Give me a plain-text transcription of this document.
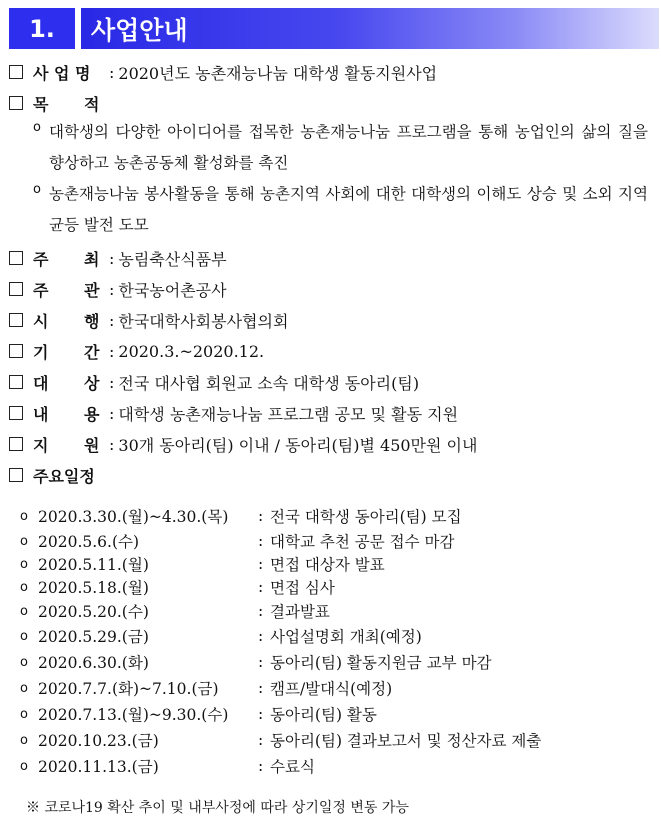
1.	사업안내
사 업 명	: 2020년도 농촌재능나눔 대학생 활동지원사업
목 적
o 대학생의 다양한 아이디어를 접목한 농촌재능나눔 프로그램을 통해 농업인의 삶의 질을 향상하고 농촌공동체 활성화를 촉진
o 농촌재능나눔 봉사활동을 통해 농촌지역 사회에 대한 대학생의 이해도 상승 및 소외 지역 균등 발전 도모
주 최 : 농림축산식품부
주 관 : 한국농어촌공사
시 행 : 한국대학사회봉사협의회
기 간 : 2020.3.~2020.12.
대 상 : 전국 대사협 회원교 소속 대학생 동아리(팀)
내 용 : 대학생 농촌재능나눔 프로그램 공모 및 활동 지원
지 원 : 30개 동아리(팀) 이내 / 동아리(팀)별 450만원 이내
주요일정
o 2020.3.30.(월)~4.30.(목)	: 전국 대학생 동아리(팀) 모집
o 2020.5.6.(수)	: 대학교 추천 공문 접수 마감
o 2020.5.11.(월)	: 면접 대상자 발표
o 2020.5.18.(월)	: 면접 심사
o 2020.5.20.(수)	: 결과발표
o 2020.5.29.(금)	: 사업설명회 개최(예정)
o 2020.6.30.(화)	: 동아리(팀) 활동지원금 교부 마감
o 2020.7.7.(화)~7.10.(금)	: 캠프/발대식(예정)
o 2020.7.13.(월)~9.30.(수)	: 동아리(팀) 활동
o 2020.10.23.(금)	: 동아리(팀) 결과보고서 및 정산자료 제출
o 2020.11.13.(금)	: 수료식
※ 코로나19 확산 추이 및 내부사정에 따라 상기일정 변동 가능
